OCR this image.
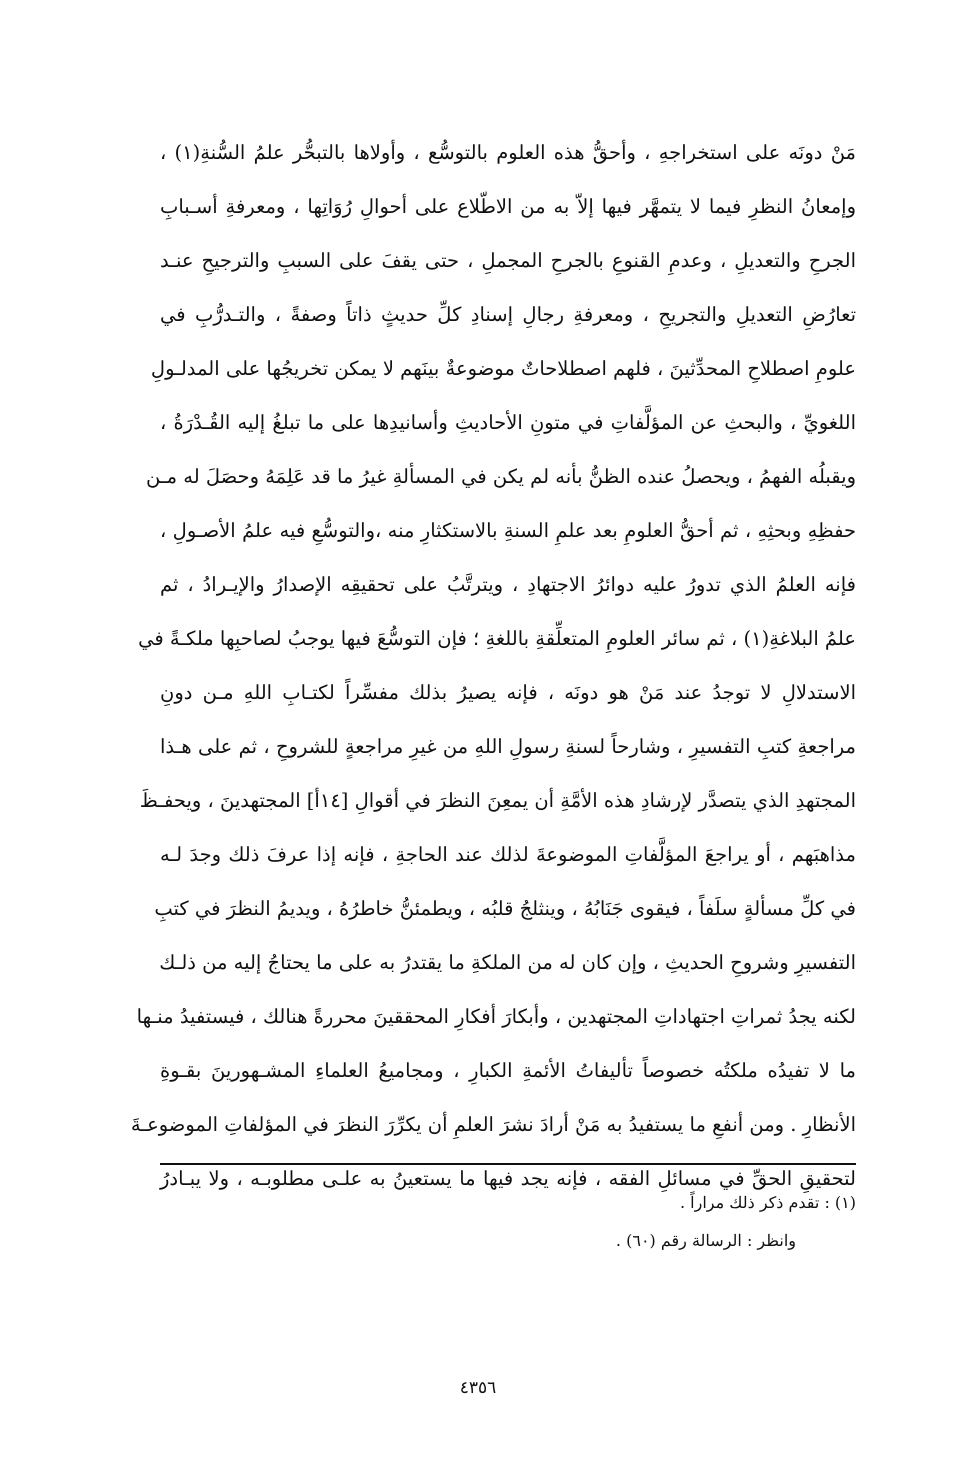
مَنْ دونَه على استخراجهِ ، وأحقُّ هذه العلوم بالتوسُّع ، وأولاها بالتبحُّر علمُ السُّنةِ(١) ،
وإمعانُ النظرِ فيما لا يتمهَّر فيها إلاّ به من الاطّلاع على أحوالِ رُوَاتِها ، ومعرفةِ أسـبابِ
الجرحِ والتعديلِ ، وعدمِ القنوعِ بالجرحِ المجملِ ، حتى يقفَ على السببِ والترجيحِ عنـد
تعارُضِ التعديلِ والتجريحِ ، ومعرفةِ رجالِ إسنادِ كلِّ حديثٍ ذاتاً وصفةً ، والتـدرُّبِ في
علومِ اصطلاحِ المحدِّثينَ ، فلهم اصطلاحاتٌ موضوعةٌ بينَهم لا يمكن تخريجُها على المدلـولِ
اللغويِّ ، والبحثِ عن المؤلَّفاتِ في متونِ الأحاديثِ وأسانيدِها على ما تبلغُ إليه القُـدْرَةُ ،
ويقبلُه الفهمُ ، ويحصلُ عنده الظنُّ بأنه لم يكن في المسألةِ غيرُ ما قد عَلِمَهُ وحصَلَ له مـن
حفظِهِ وبحثِهِ ، ثم أحقُّ العلومِ بعد علمِ السنةِ بالاستكثارِ منه ،والتوسُّعِ فيه علمُ الأصـولِ ،
فإنه العلمُ الذي تدورُ عليه دوائرُ الاجتهادِ ، ويترتَّبُ على تحقيقِه الإصدارُ والإيـرادُ ، ثم
علمُ البلاغةِ(١) ، ثم سائر العلومِ المتعلِّقةِ باللغةِ ؛ فإن التوسُّعَ فيها يوجبُ لصاحبِها ملكـةً في
الاستدلالِ لا توجدُ عند مَنْ هو دونَه ، فإنه يصيرُ بذلك مفسِّراً لكتـابِ اللهِ مـن دونِ
مراجعةِ كتبِ التفسيرِ ، وشارحاً لسنةِ رسولِ اللهِ من غيرِ مراجعةٍ للشروحِ ، ثم على هـذا
المجتهدِ الذي يتصدَّر لإرشادِ هذه الأمَّةِ أن يمعِنَ النظرَ في أقوالِ [١٤أ] المجتهدينَ ، ويحفـظَ
مذاهبَهم ، أو يراجعَ المؤلَّفاتِ الموضوعةَ لذلك عند الحاجةِ ، فإنه إذا عرفَ ذلك وجدَ لـه
في كلِّ مسألةٍ سلَفاً ، فيقوى جَنَابُهُ ، وينثلجُ قلبُه ، ويطمئنُّ خاطرُهُ ، ويديمُ النظرَ في كتبِ
التفسيرِ وشروحِ الحديثِ ، وإن كان له من الملكةِ ما يقتدرُ به على ما يحتاجُ إليه من ذلـك
لكنه يجدُ ثمراتِ اجتهاداتِ المجتهدين ، وأبكارَ أفكارِ المحققينَ محررةً هنالك ، فيستفيدُ منـها
ما لا تفيدُه ملكتُه خصوصاً تأليفاتُ الأئمةِ الكبارِ ، ومجاميعُ العلماءِ المشـهورينَ بقـوةِ
الأنظارِ . ومن أنفعِ ما يستفيدُ به مَنْ أرادَ نشرَ العلمِ أن يكرِّرَ النظرَ في المؤلفاتِ الموضوعـةَ
لتحقيقِ الحقِّ في مسائلِ الفقه ، فإنه يجد فيها ما يستعينُ به علـى مطلوبـه ، ولا يبـادرُ
(١) : تقدم ذكر ذلك مراراً .
وانظر : الرسالة رقم (٦٠) .
٤٣٥٦
